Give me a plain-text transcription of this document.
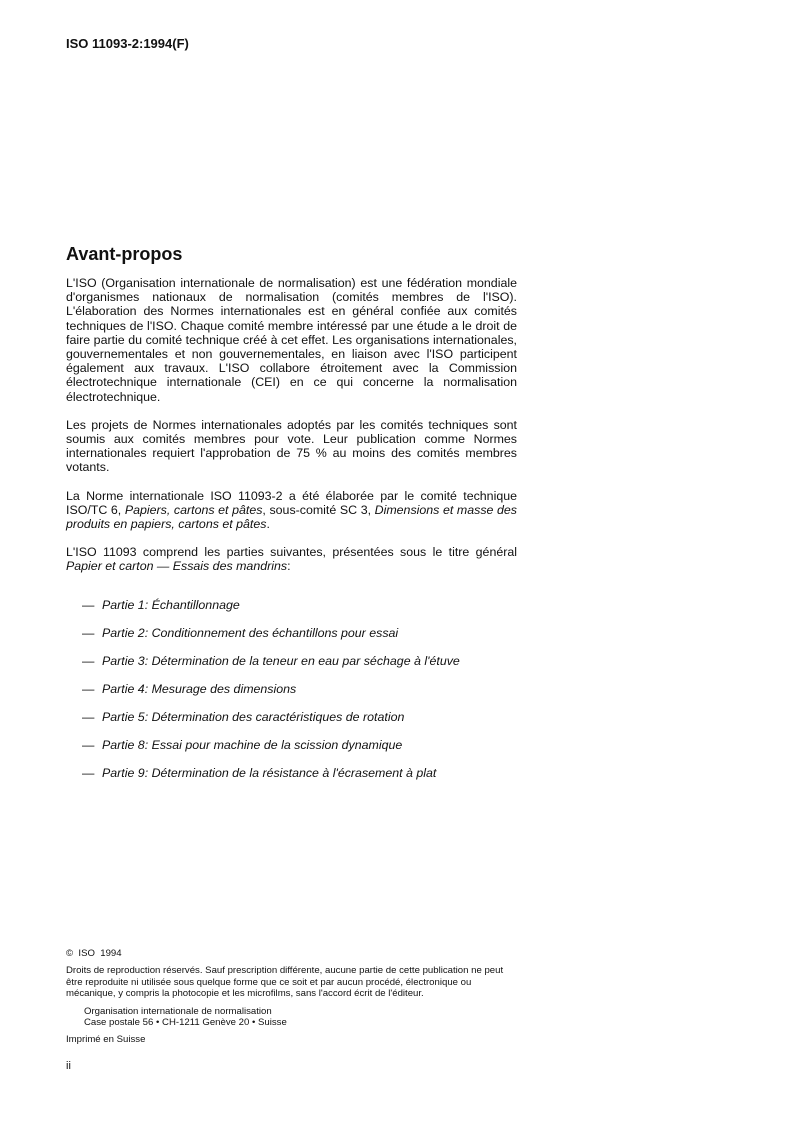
ISO 11093-2:1994(F)
Avant-propos

L'ISO (Organisation internationale de normalisation) est une fédération mondiale d'organismes nationaux de normalisation (comités membres de l'ISO). L'élaboration des Normes internationales est en général confiée aux comités techniques de l'ISO. Chaque comité membre intéressé par une étude a le droit de faire partie du comité technique créé à cet effet. Les organisations internationales, gouvernementales et non gouvernementales, en liaison avec l'ISO participent également aux travaux. L'ISO collabore étroitement avec la Commission électrotechnique internationale (CEI) en ce qui concerne la normalisation électrotechnique.

Les projets de Normes internationales adoptés par les comités techniques sont soumis aux comités membres pour vote. Leur publication comme Normes internationales requiert l'approbation de 75 % au moins des comités membres votants.

La Norme internationale ISO 11093-2 a été élaborée par le comité technique ISO/TC 6, Papiers, cartons et pâtes, sous-comité SC 3, Dimensions et masse des produits en papiers, cartons et pâtes.

L'ISO 11093 comprend les parties suivantes, présentées sous le titre général Papier et carton — Essais des mandrins:

— Partie 1: Échantillonnage
— Partie 2: Conditionnement des échantillons pour essai
— Partie 3: Détermination de la teneur en eau par séchage à l'étuve
— Partie 4: Mesurage des dimensions
— Partie 5: Détermination des caractéristiques de rotation
— Partie 8: Essai pour machine de la scission dynamique
— Partie 9: Détermination de la résistance à l'écrasement à plat

©  ISO  1994

Droits de reproduction réservés. Sauf prescription différente, aucune partie de cette publication ne peut être reproduite ni utilisée sous quelque forme que ce soit et par aucun procédé, électronique ou mécanique, y compris la photocopie et les microfilms, sans l'accord écrit de l'éditeur.

Organisation internationale de normalisation

Case postale 56 • CH-1211 Genève 20 • Suisse

Imprimé en Suisse

ii
